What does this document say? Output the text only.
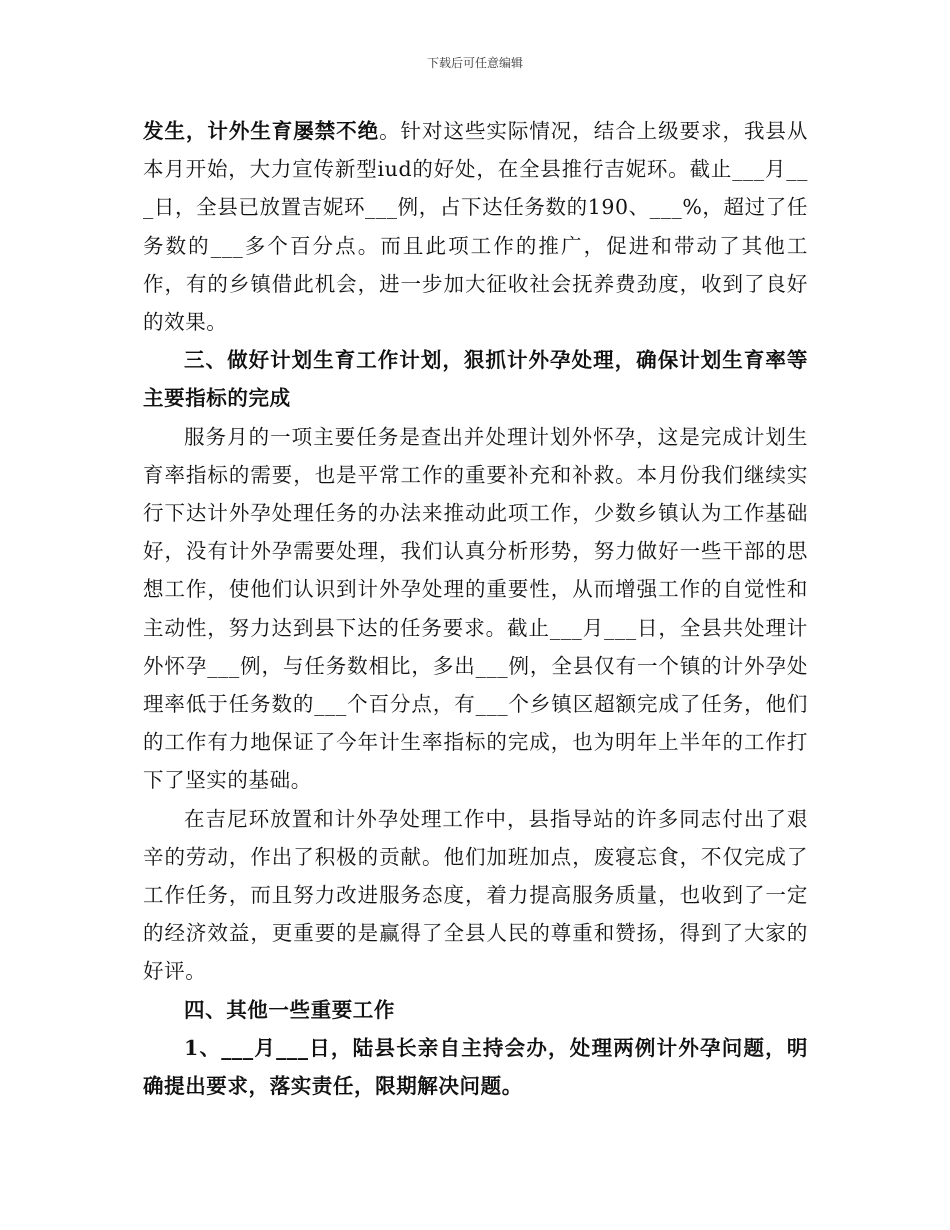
下载后可任意编辑

发生，计外生育屡禁不绝。针对这些实际情况，结合上级要求，我县从本月开始，大力宣传新型iud的好处，在全县推行吉妮环。截止___月___日，全县已放置吉妮环___例，占下达任务数的190、___%，超过了任务数的___多个百分点。而且此项工作的推广，促进和带动了其他工作，有的乡镇借此机会，进一步加大征收社会抚养费劲度，收到了良好的效果。

三、做好计划生育工作计划，狠抓计外孕处理，确保计划生育率等主要指标的完成

服务月的一项主要任务是查出并处理计划外怀孕，这是完成计划生育率指标的需要，也是平常工作的重要补充和补救。本月份我们继续实行下达计外孕处理任务的办法来推动此项工作，少数乡镇认为工作基础好，没有计外孕需要处理，我们认真分析形势，努力做好一些干部的思想工作，使他们认识到计外孕处理的重要性，从而增强工作的自觉性和主动性，努力达到县下达的任务要求。截止___月___日，全县共处理计外怀孕___例，与任务数相比，多出___例，全县仅有一个镇的计外孕处理率低于任务数的___个百分点，有___个乡镇区超额完成了任务，他们的工作有力地保证了今年计生率指标的完成，也为明年上半年的工作打下了坚实的基础。

在吉尼环放置和计外孕处理工作中，县指导站的许多同志付出了艰辛的劳动，作出了积极的贡献。他们加班加点，废寝忘食，不仅完成了工作任务，而且努力改进服务态度，着力提高服务质量，也收到了一定的经济效益，更重要的是赢得了全县人民的尊重和赞扬，得到了大家的好评。

四、其他一些重要工作

1、___月___日，陆县长亲自主持会办，处理两例计外孕问题，明确提出要求，落实责任，限期解决问题。
